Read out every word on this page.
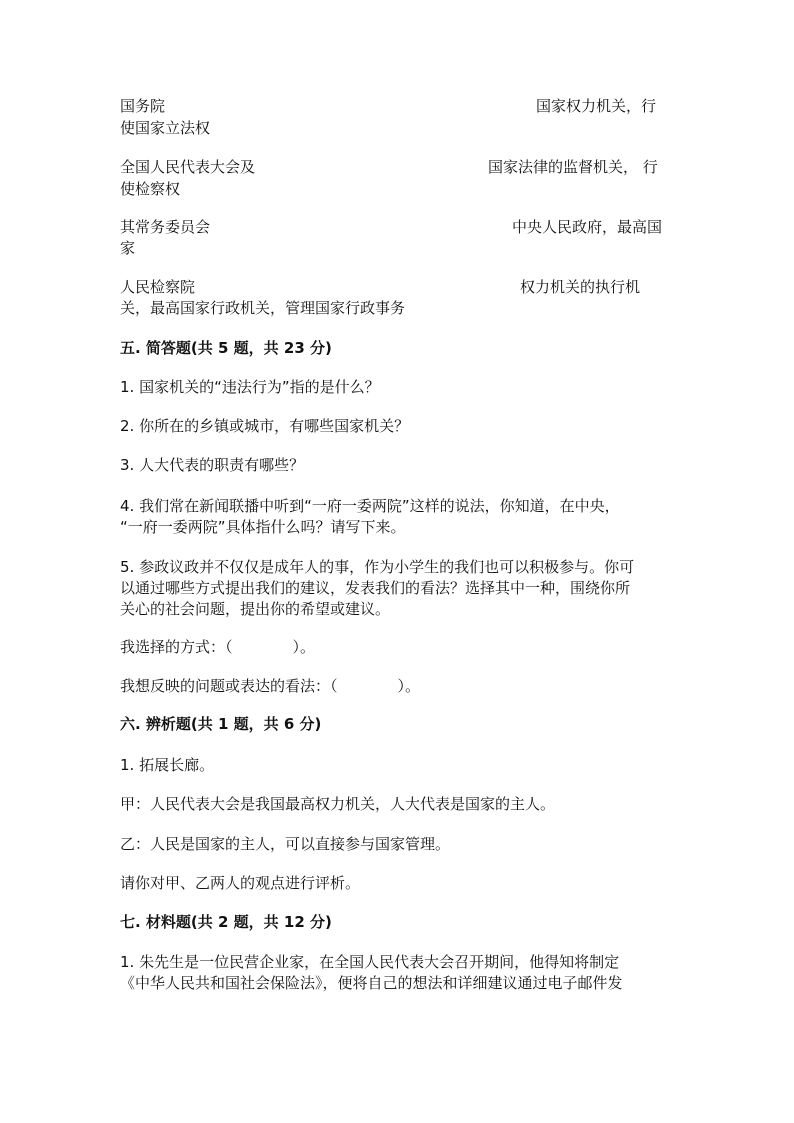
国务院	国家权力机关，行
使国家立法权
全国人民代表大会及	国家法律的监督机关， 行
使检察权
其常务委员会	中央人民政府，最高国
家
人民检察院	权力机关的执行机
关，最高国家行政机关，管理国家行政事务
五. 简答题(共 5 题，共 23 分)
1. 国家机关的“违法行为”指的是什么？
2. 你所在的乡镇或城市，有哪些国家机关？
3. 人大代表的职责有哪些？
4. 我们常在新闻联播中听到“一府一委两院”这样的说法，你知道，在中央，
“一府一委两院”具体指什么吗？请写下来。
5. 参政议政并不仅仅是成年人的事，作为小学生的我们也可以积极参与。你可
以通过哪些方式提出我们的建议，发表我们的看法？选择其中一种，围绕你所
关心的社会问题，提出你的希望或建议。
我选择的方式：（	）。
我想反映的问题或表达的看法：（	）。
六. 辨析题(共 1 题，共 6 分)
1. 拓展长廊。
甲：人民代表大会是我国最高权力机关，人大代表是国家的主人。
乙：人民是国家的主人，可以直接参与国家管理。
请你对甲、乙两人的观点进行评析。
七. 材料题(共 2 题，共 12 分)
1. 朱先生是一位民营企业家，在全国人民代表大会召开期间，他得知将制定
《中华人民共和国社会保险法》，便将自己的想法和详细建议通过电子邮件发
